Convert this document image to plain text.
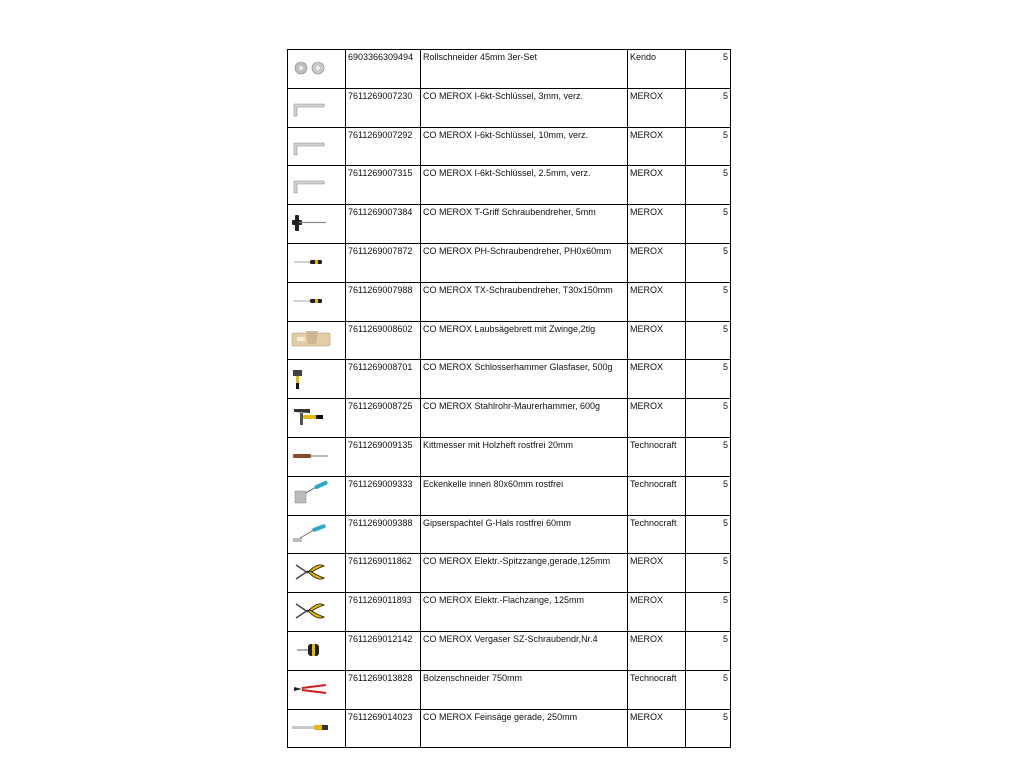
	6903366309494	Rollschneider 45mm 3er-Set	Kendo	5

	7611269007230	CO MEROX I-6kt-Schlüssel, 3mm, verz.	MEROX	5

	7611269007292	CO MEROX I-6kt-Schlüssel, 10mm, verz.	MEROX	5

	7611269007315	CO MEROX I-6kt-Schlüssel, 2.5mm, verz.	MEROX	5

	7611269007384	CO MEROX T-Griff Schraubendreher, 5mm	MEROX	5

	7611269007872	CO MEROX PH-Schraubendreher, PH0x60mm	MEROX	5

	7611269007988	CO MEROX TX-Schraubendreher, T30x150mm	MEROX	5

	7611269008602	CO MEROX Laubsägebrett mit Zwinge,2tlg	MEROX	5

	7611269008701	CO MEROX Schlosserhammer Glasfaser, 500g	MEROX	5

	7611269008725	CO MEROX Stahlrohr-Maurerhammer, 600g	MEROX	5

	7611269009135	Kittmesser mit Holzheft rostfrei 20mm	Technocraft	5

	7611269009333	Eckenkelle innen 80x60mm rostfrei	Technocraft	5

	7611269009388	Gipserspachtel G-Hals rostfrei 60mm	Technocraft	5

	7611269011862	CO MEROX Elektr.-Spitzzange,gerade,125mm	MEROX	5

	7611269011893	CO MEROX Elektr.-Flachzange, 125mm	MEROX	5

	7611269012142	CO MEROX Vergaser SZ-Schraubendr,Nr.4	MEROX	5

	7611269013828	Bolzenschneider 750mm	Technocraft	5

	7611269014023	CO MEROX Feinsäge gerade, 250mm	MEROX	5
